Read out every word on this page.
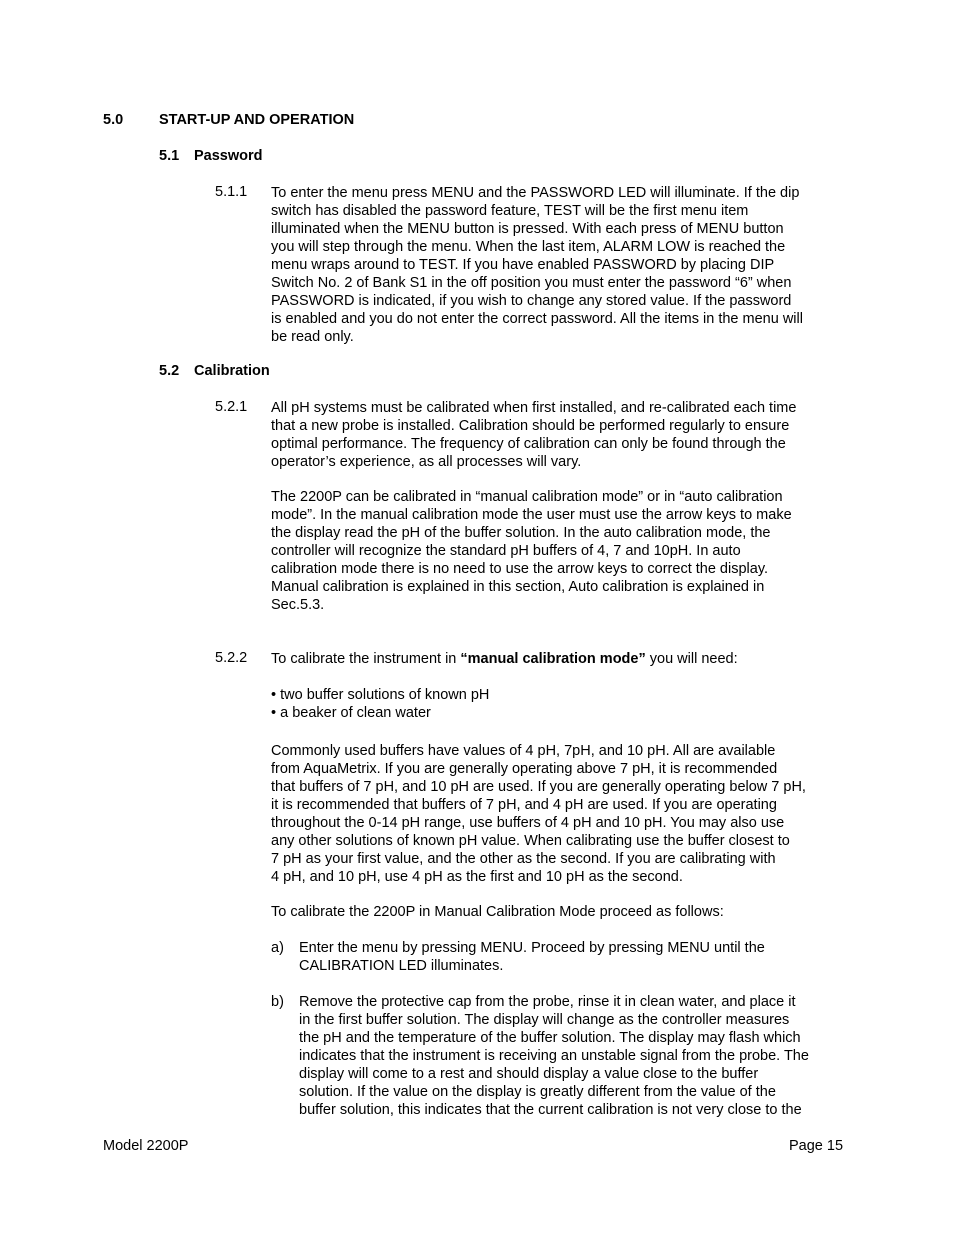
5.0 START-UP AND OPERATION
5.1 Password
5.1.1 To enter the menu press MENU and the PASSWORD LED will illuminate. If the dip
switch has disabled the password feature, TEST will be the first menu item
illuminated when the MENU button is pressed. With each press of MENU button
you will step through the menu. When the last item, ALARM LOW is reached the
menu wraps around to TEST. If you have enabled PASSWORD by placing DIP
Switch No. 2 of Bank S1 in the off position you must enter the password “6” when
PASSWORD is indicated, if you wish to change any stored value. If the password
is enabled and you do not enter the correct password. All the items in the menu will
be read only.
5.2 Calibration
5.2.1 All pH systems must be calibrated when first installed, and re-calibrated each time
that a new probe is installed. Calibration should be performed regularly to ensure
optimal performance. The frequency of calibration can only be found through the
operator’s experience, as all processes will vary.
The 2200P can be calibrated in “manual calibration mode” or in “auto calibration
mode”. In the manual calibration mode the user must use the arrow keys to make
the display read the pH of the buffer solution. In the auto calibration mode, the
controller will recognize the standard pH buffers of 4, 7 and 10pH. In auto
calibration mode there is no need to use the arrow keys to correct the display.
Manual calibration is explained in this section, Auto calibration is explained in
Sec.5.3.
5.2.2 To calibrate the instrument in “manual calibration mode” you will need:
• two buffer solutions of known pH
• a beaker of clean water
Commonly used buffers have values of 4 pH, 7pH, and 10 pH. All are available
from AquaMetrix. If you are generally operating above 7 pH, it is recommended
that buffers of 7 pH, and 10 pH are used. If you are generally operating below 7 pH,
it is recommended that buffers of 7 pH, and 4 pH are used. If you are operating
throughout the 0-14 pH range, use buffers of 4 pH and 10 pH. You may also use
any other solutions of known pH value. When calibrating use the buffer closest to
7 pH as your first value, and the other as the second. If you are calibrating with
4 pH, and 10 pH, use 4 pH as the first and 10 pH as the second.
To calibrate the 2200P in Manual Calibration Mode proceed as follows:
a) Enter the menu by pressing MENU. Proceed by pressing MENU until the
CALIBRATION LED illuminates.
b) Remove the protective cap from the probe, rinse it in clean water, and place it
in the first buffer solution. The display will change as the controller measures
the pH and the temperature of the buffer solution. The display may flash which
indicates that the instrument is receiving an unstable signal from the probe. The
display will come to a rest and should display a value close to the buffer
solution. If the value on the display is greatly different from the value of the
buffer solution, this indicates that the current calibration is not very close to the
Model 2200P	Page 15
